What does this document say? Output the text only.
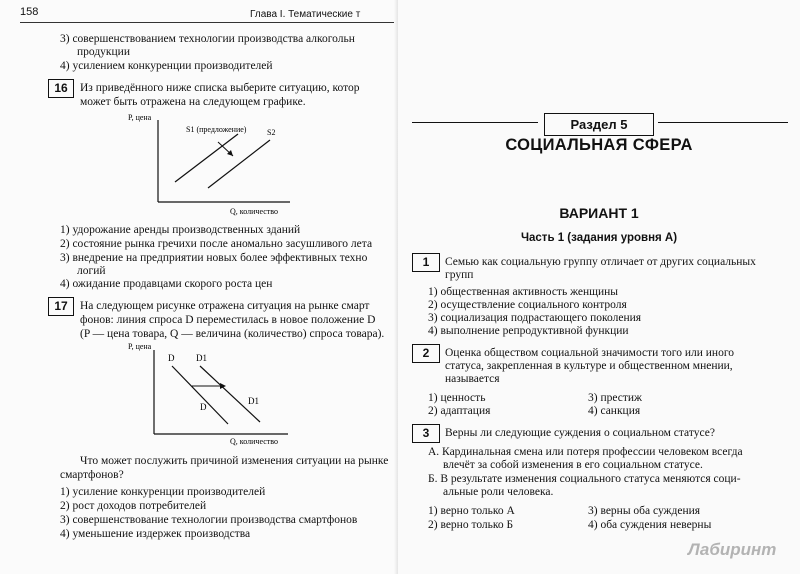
158	Глава I. Тематические т
3) совершенствованием технологии производства алкогольн
продукции
4) усилением конкуренции производителей
16	Из приведённого ниже списка выберите ситуацию, котор
может быть отражена на следующем графике.
P, цена
Q, количество
S1 (предложение)	S2
1) удорожание аренды производственных зданий
2) состояние рынка гречихи после аномально засушливого лета
3) внедрение на предприятии новых более эффективных техно
логий
4) ожидание продавцами скорого роста цен
17	На следующем рисунке отражена ситуация на рынке смарт
фонов: линия спроса D переместилась в новое положение D
(P — цена товара, Q — величина (количество) спроса товара).
P, цена
Q, количество
D D1
D
D1
Что может послужить причиной изменения ситуации на рынке
смартфонов?
1) усиление конкуренции производителей
2) рост доходов потребителей
3) совершенствование технологии производства смартфонов
4) уменьшение издержек производства
Раздел 5
СОЦИАЛЬНАЯ СФЕРА
ВАРИАНТ 1
Часть 1 (задания уровня А)
1	Семью как социальную группу отличает от других социальных
групп
1) общественная активность женщины
2) осуществление социального контроля
3) социализация подрастающего поколения
4) выполнение репродуктивной функции
2	Оценка обществом социальной значимости того или иного
статуса, закрепленная в культуре и общественном мнении,
называется
1) ценность
2) адаптация
3) престиж
4) санкция
3	Верны ли следующие суждения о социальном статусе?
А. Кардинальная смена или потеря профессии человеком всегда
влечёт за собой изменения в его социальном статусе.
Б. В результате изменения социального статуса меняются соци-
альные роли человека.
1) верно только А
2) верно только Б
3) верны оба суждения
4) оба суждения неверны
Лабиринт
